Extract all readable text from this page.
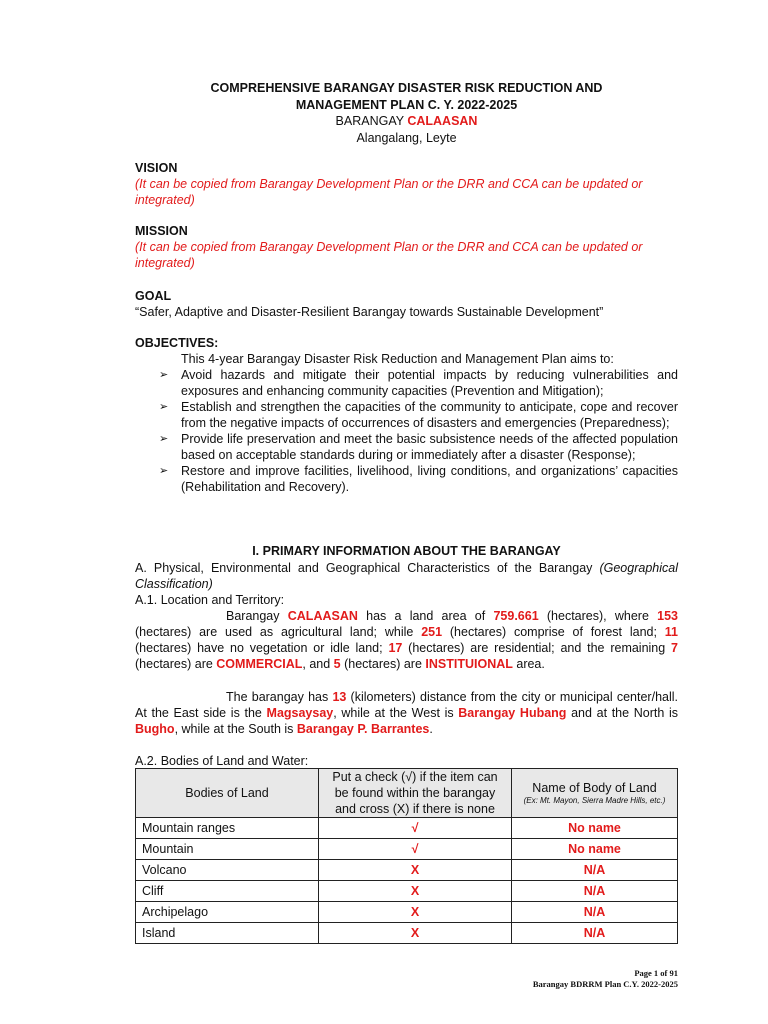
COMPREHENSIVE BARANGAY DISASTER RISK REDUCTION AND
MANAGEMENT PLAN C. Y. 2022-2025
BARANGAY CALAASAN
Alangalang, Leyte
VISION
(It can be copied from Barangay Development Plan or the DRR and CCA can be updated or integrated)
MISSION
(It can be copied from Barangay Development Plan or the DRR and CCA can be updated or integrated)
GOAL
“Safer, Adaptive and Disaster-Resilient Barangay towards Sustainable Development”
OBJECTIVES:
This 4-year Barangay Disaster Risk Reduction and Management Plan aims to:
➢ Avoid hazards and mitigate their potential impacts by reducing vulnerabilities and exposures and enhancing community capacities (Prevention and Mitigation);
➢ Establish and strengthen the capacities of the community to anticipate, cope and recover from the negative impacts of occurrences of disasters and emergencies (Preparedness);
➢ Provide life preservation and meet the basic subsistence needs of the affected population based on acceptable standards during or immediately after a disaster (Response);
➢ Restore and improve facilities, livelihood, living conditions, and organizations’ capacities (Rehabilitation and Recovery).
I. PRIMARY INFORMATION ABOUT THE BARANGAY
A. Physical, Environmental and Geographical Characteristics of the Barangay (Geographical Classification)
A.1. Location and Territory:
Barangay CALAASAN has a land area of 759.661 (hectares), where 153 (hectares) are used as agricultural land; while 251 (hectares) comprise of forest land; 11 (hectares) have no vegetation or idle land; 17 (hectares) are residential; and the remaining 7 (hectares) are COMMERCIAL, and 5 (hectares) are INSTITUIONAL area.
The barangay has 13 (kilometers) distance from the city or municipal center/hall. At the East side is the Magsaysay, while at the West is Barangay Hubang and at the North is Bugho, while at the South is Barangay P. Barrantes.
A.2. Bodies of Land and Water:
Bodies of Land	Put a check (√) if the item can be found within the barangay and cross (X) if there is none	Name of Body of Land
(Ex: Mt. Mayon, Sierra Madre Hills, etc.)

Mountain ranges	√	No name
Mountain	√	No name
Volcano	X	N/A
Cliff	X	N/A
Archipelago	X	N/A
Island	X	N/A
Page 1 of 91
Barangay BDRRM Plan C.Y. 2022-2025
